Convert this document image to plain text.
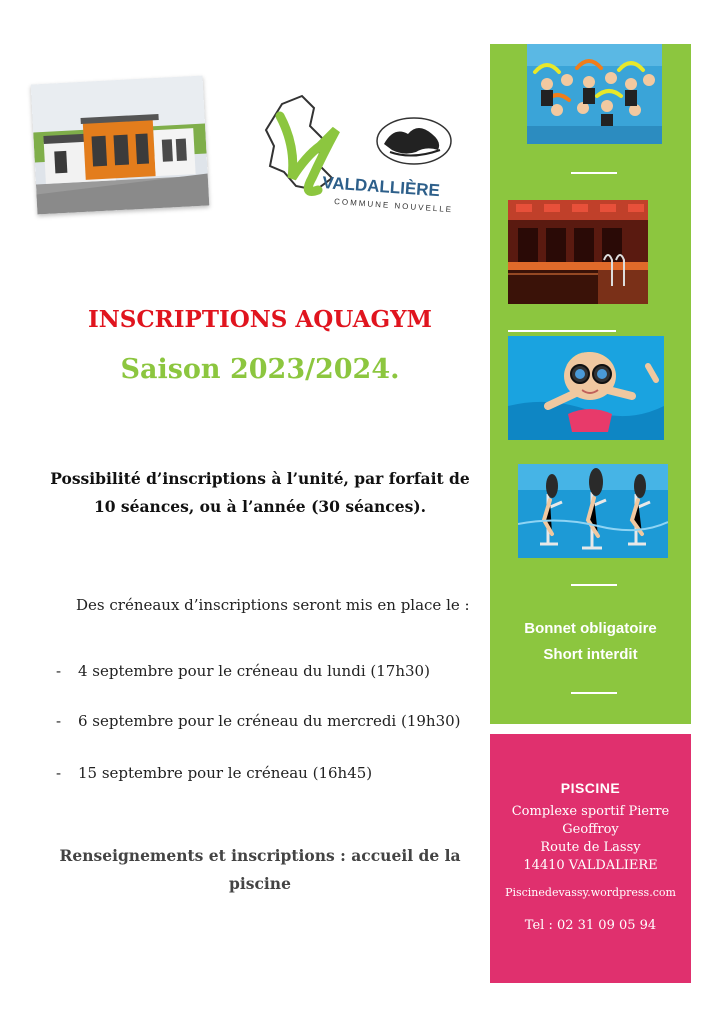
VALDALLIÈRE
COMMUNE NOUVELLE
INSCRIPTIONS AQUAGYM
Saison 2023/2024.
Possibilité d’inscriptions à l’unité, par forfait de
10 séances, ou à l’année (30 séances).
Des créneaux d’inscriptions seront mis en place le :
- 4 septembre pour le créneau du lundi (17h30)
- 6 septembre pour le créneau du mercredi (19h30)
- 15 septembre pour le créneau (16h45)
Renseignements et inscriptions : accueil de la
piscine
Bonnet obligatoire
Short interdit
PISCINE
Complexe sportif Pierre
Geoffroy
Route de Lassy
14410 VALDALIERE
Piscinedevassy.wordpress.com
Tel : 02 31 09 05 94
